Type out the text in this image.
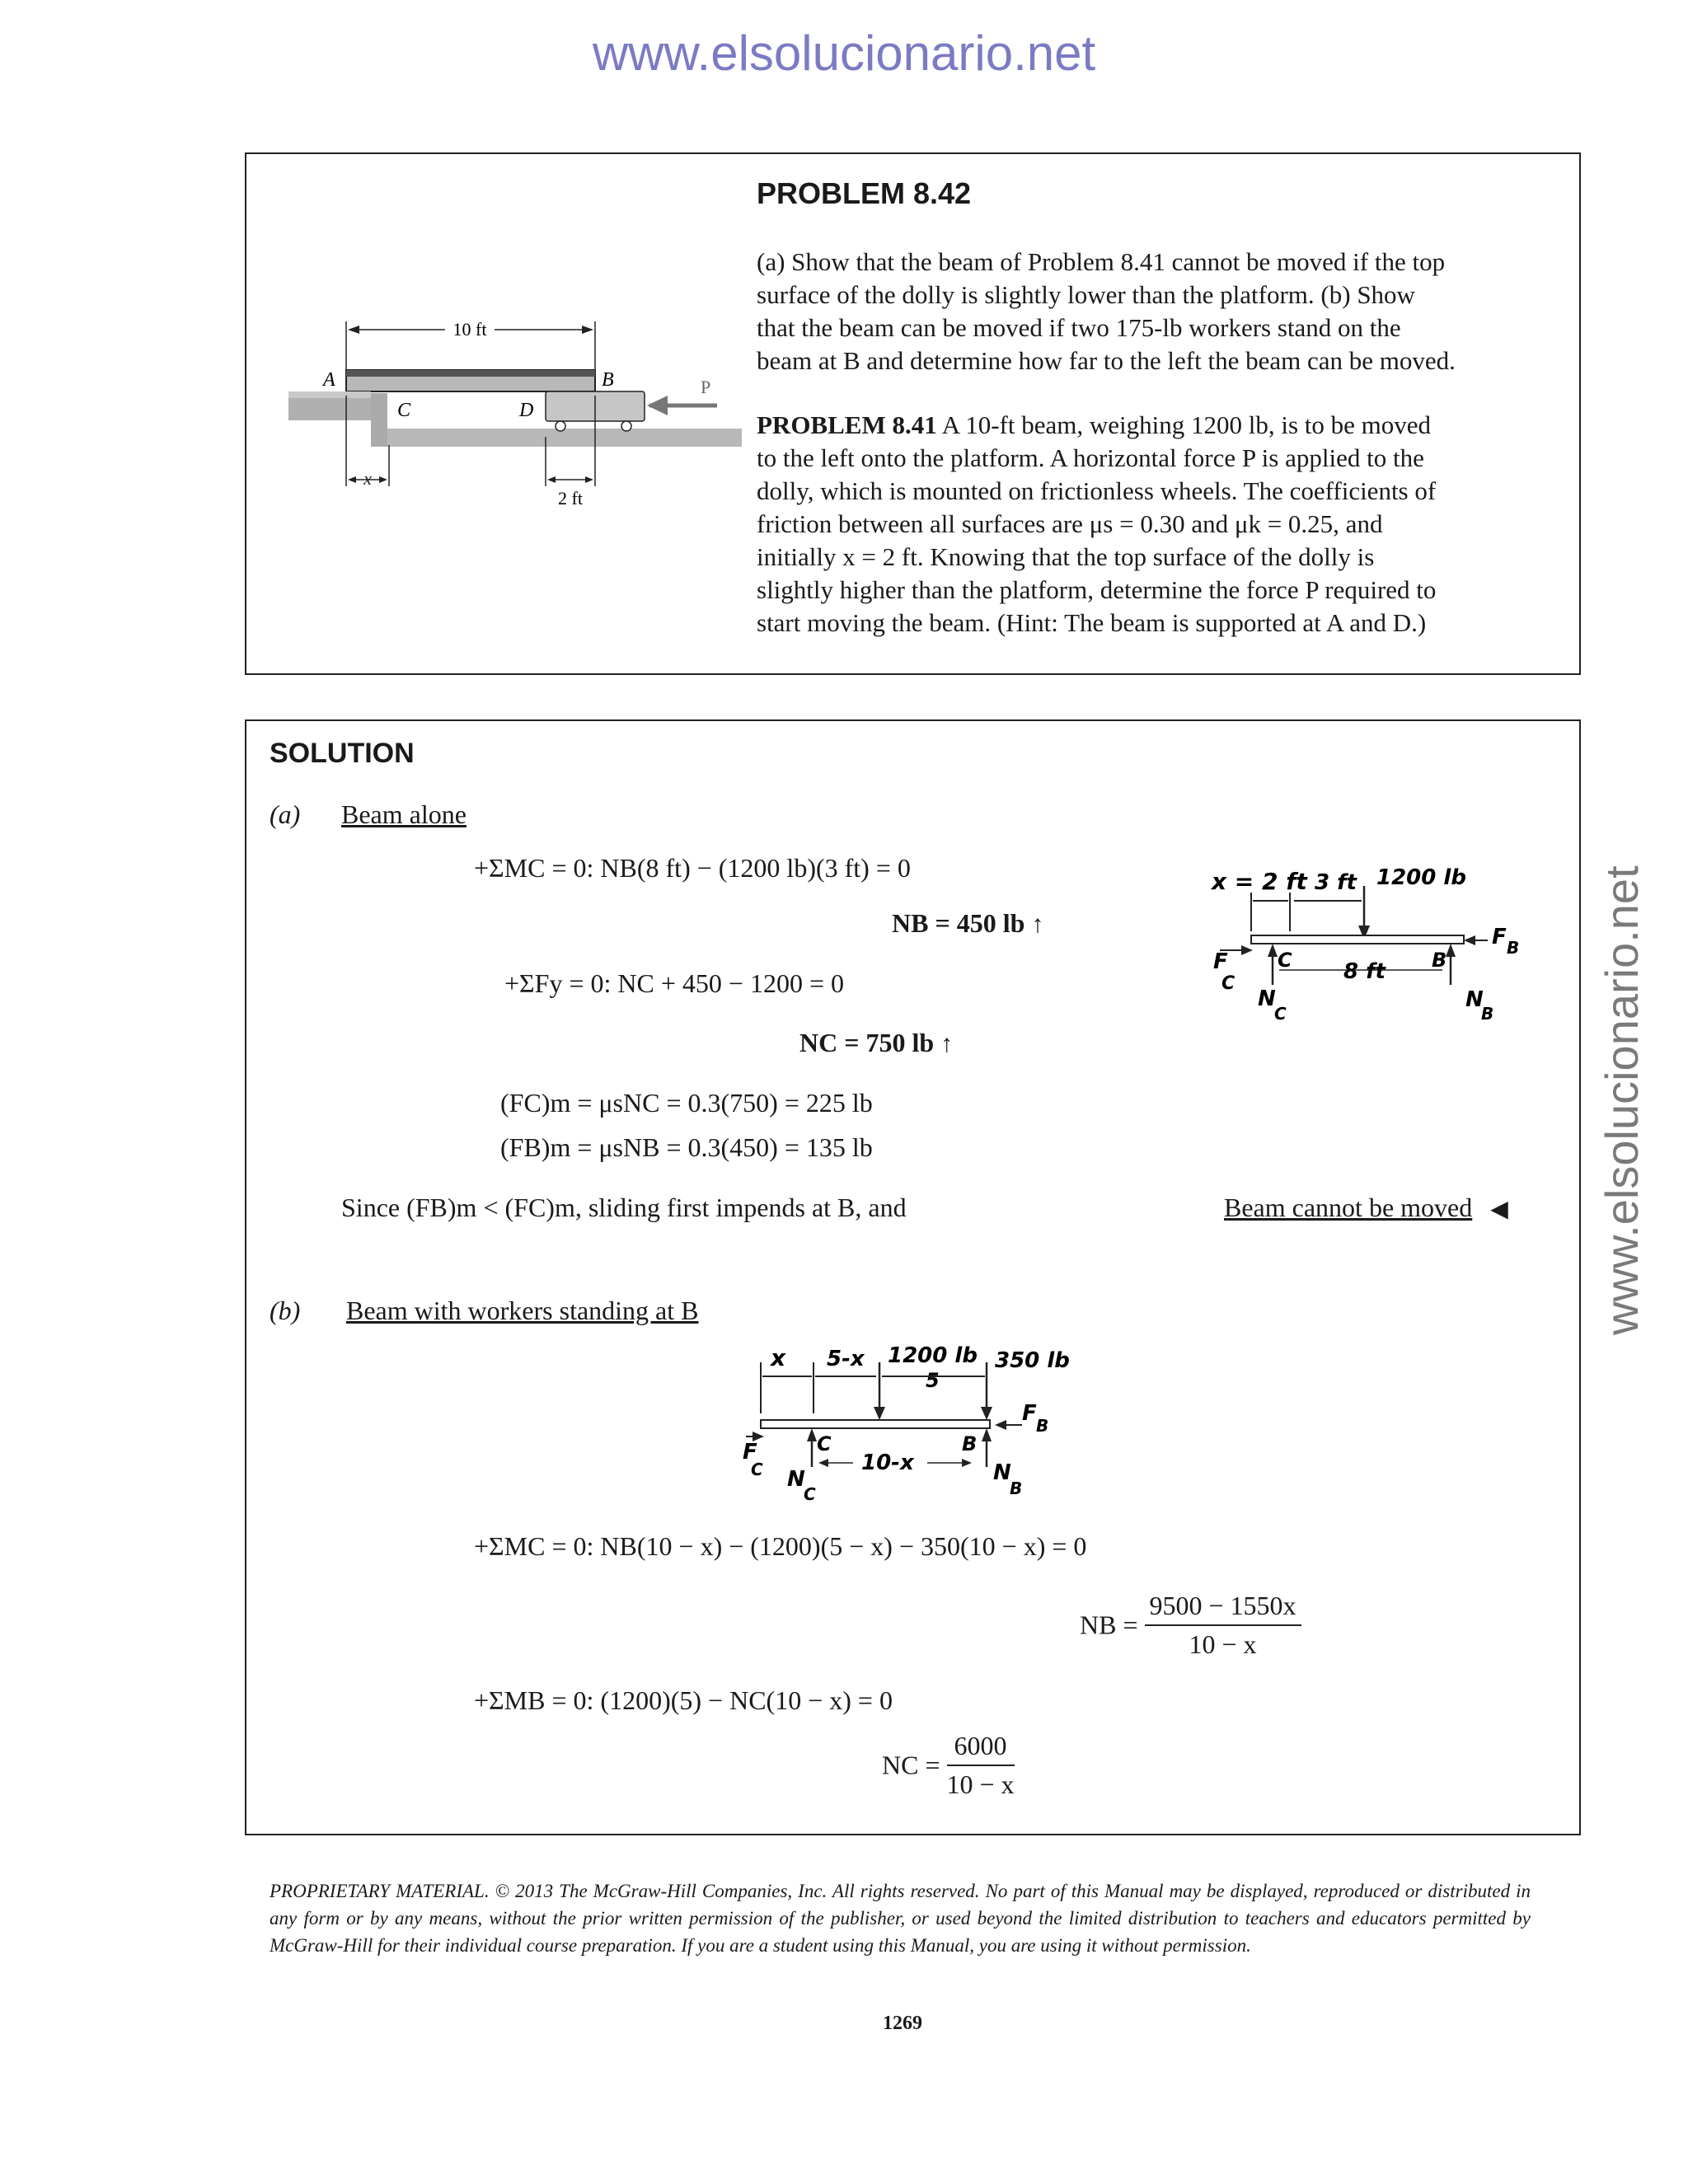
www.elsolucionario.net
www.elsolucionario.net
10 ft
A	B
C	D
P
x
2 ft
PROBLEM 8.42
(a) Show that the beam of Problem 8.41 cannot be moved if the top
surface of the dolly is slightly lower than the platform. (b) Show
that the beam can be moved if two 175-lb workers stand on the
beam at B and determine how far to the left the beam can be moved.
PROBLEM 8.41 A 10-ft beam, weighing 1200 lb, is to be moved
to the left onto the platform. A horizontal force P is applied to the
dolly, which is mounted on frictionless wheels. The coefficients of
friction between all surfaces are μs = 0.30 and μk = 0.25, and
initially x = 2 ft. Knowing that the top surface of the dolly is
slightly higher than the platform, determine the force P required to
start moving the beam. (Hint: The beam is supported at A and D.)
SOLUTION
(a) Beam alone
+ΣMC = 0: NB(8 ft) − (1200 lb)(3 ft) = 0
NB = 450 lb ↑
+ΣFy = 0: NC + 450 − 1200 = 0
NC = 750 lb ↑
(FC)m = μsNC = 0.3(750) = 225 lb
(FB)m = μsNB = 0.3(450) = 135 lb
Since (FB)m < (FC)m, sliding first impends at B, and	Beam cannot be moved ◀
x = 2 ft 3 ft 1200 lb
F
C
C
N
C
8 ft B
F B
N
B
(b) Beam with workers standing at B
x 5-x 1200 lb
5
350 lb
F
C
C
N
C
10-x
B
F B
N
B
+ΣMC = 0: NB(10 − x) − (1200)(5 − x) − 350(10 − x) = 0
NB = $\frac{9500 - 1550x}{10 - x}$
+ΣMB = 0: (1200)(5) − NC(10 − x) = 0
NC = $\frac{6000}{10 - x}$
PROPRIETARY MATERIAL. © 2013 The McGraw-Hill Companies, Inc. All rights reserved. No part of this Manual may be displayed, reproduced or distributed in any form or by any means, without the prior written permission of the publisher, or used beyond the limited distribution to teachers and educators permitted by McGraw-Hill for their individual course preparation. If you are a student using this Manual, you are using it without permission.
1269
